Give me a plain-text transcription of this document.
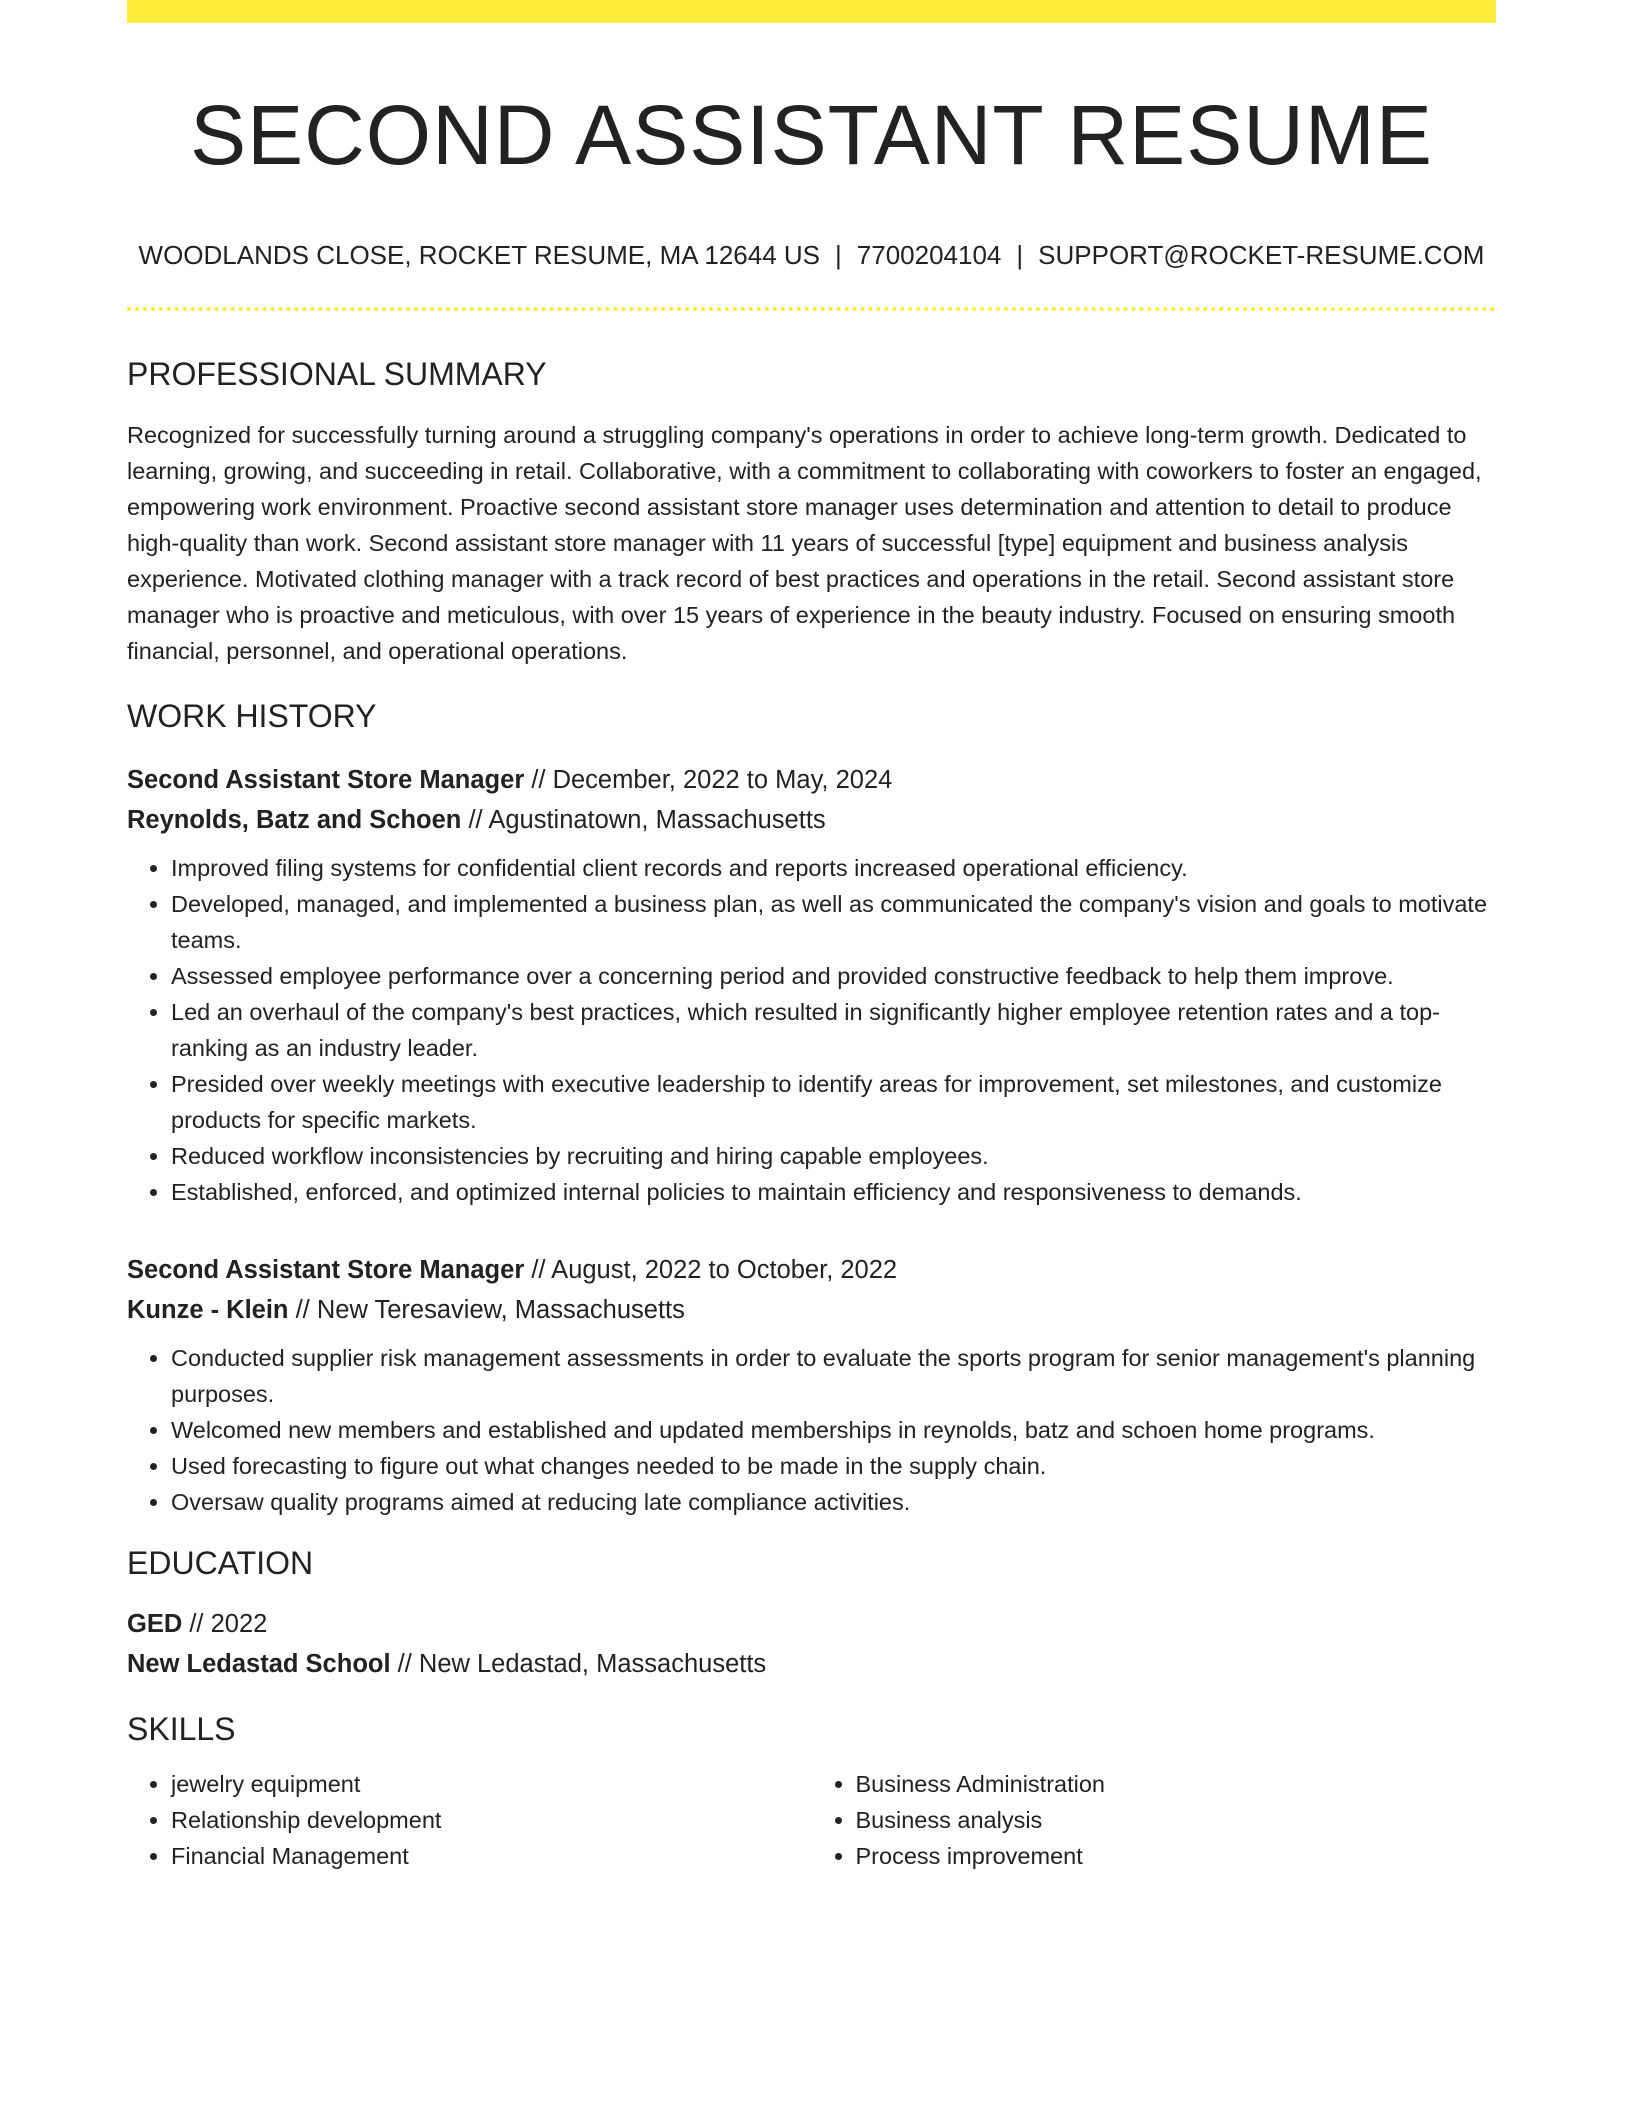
SECOND ASSISTANT RESUME
WOODLANDS CLOSE, ROCKET RESUME, MA 12644 US | 7700204104 | SUPPORT@ROCKET-RESUME.COM
PROFESSIONAL SUMMARY

Recognized for successfully turning around a struggling company's operations in order to achieve long-term growth. Dedicated to learning, growing, and succeeding in retail. Collaborative, with a commitment to collaborating with coworkers to foster an engaged, empowering work environment. Proactive second assistant store manager uses determination and attention to detail to produce high-quality than work. Second assistant store manager with 11 years of successful [type] equipment and business analysis experience. Motivated clothing manager with a track record of best practices and operations in the retail. Second assistant store manager who is proactive and meticulous, with over 15 years of experience in the beauty industry. Focused on ensuring smooth financial, personnel, and operational operations.

WORK HISTORY
Second Assistant Store Manager // December, 2022 to May, 2024
Reynolds, Batz and Schoen // Agustinatown, Massachusetts
• Improved filing systems for confidential client records and reports increased operational efficiency.
• Developed, managed, and implemented a business plan, as well as communicated the company's vision and goals to motivate teams.
• Assessed employee performance over a concerning period and provided constructive feedback to help them improve.
• Led an overhaul of the company's best practices, which resulted in significantly higher employee retention rates and a top-ranking as an industry leader.
• Presided over weekly meetings with executive leadership to identify areas for improvement, set milestones, and customize products for specific markets.
• Reduced workflow inconsistencies by recruiting and hiring capable employees.
• Established, enforced, and optimized internal policies to maintain efficiency and responsiveness to demands.
Second Assistant Store Manager // August, 2022 to October, 2022
Kunze - Klein // New Teresaview, Massachusetts
• Conducted supplier risk management assessments in order to evaluate the sports program for senior management's planning purposes.
• Welcomed new members and established and updated memberships in reynolds, batz and schoen home programs.
• Used forecasting to figure out what changes needed to be made in the supply chain.
• Oversaw quality programs aimed at reducing late compliance activities.
EDUCATION
GED // 2022
New Ledastad School // New Ledastad, Massachusetts
SKILLS
• jewelry equipment
• Relationship development
• Financial Management
• Business Administration
• Business analysis
• Process improvement
